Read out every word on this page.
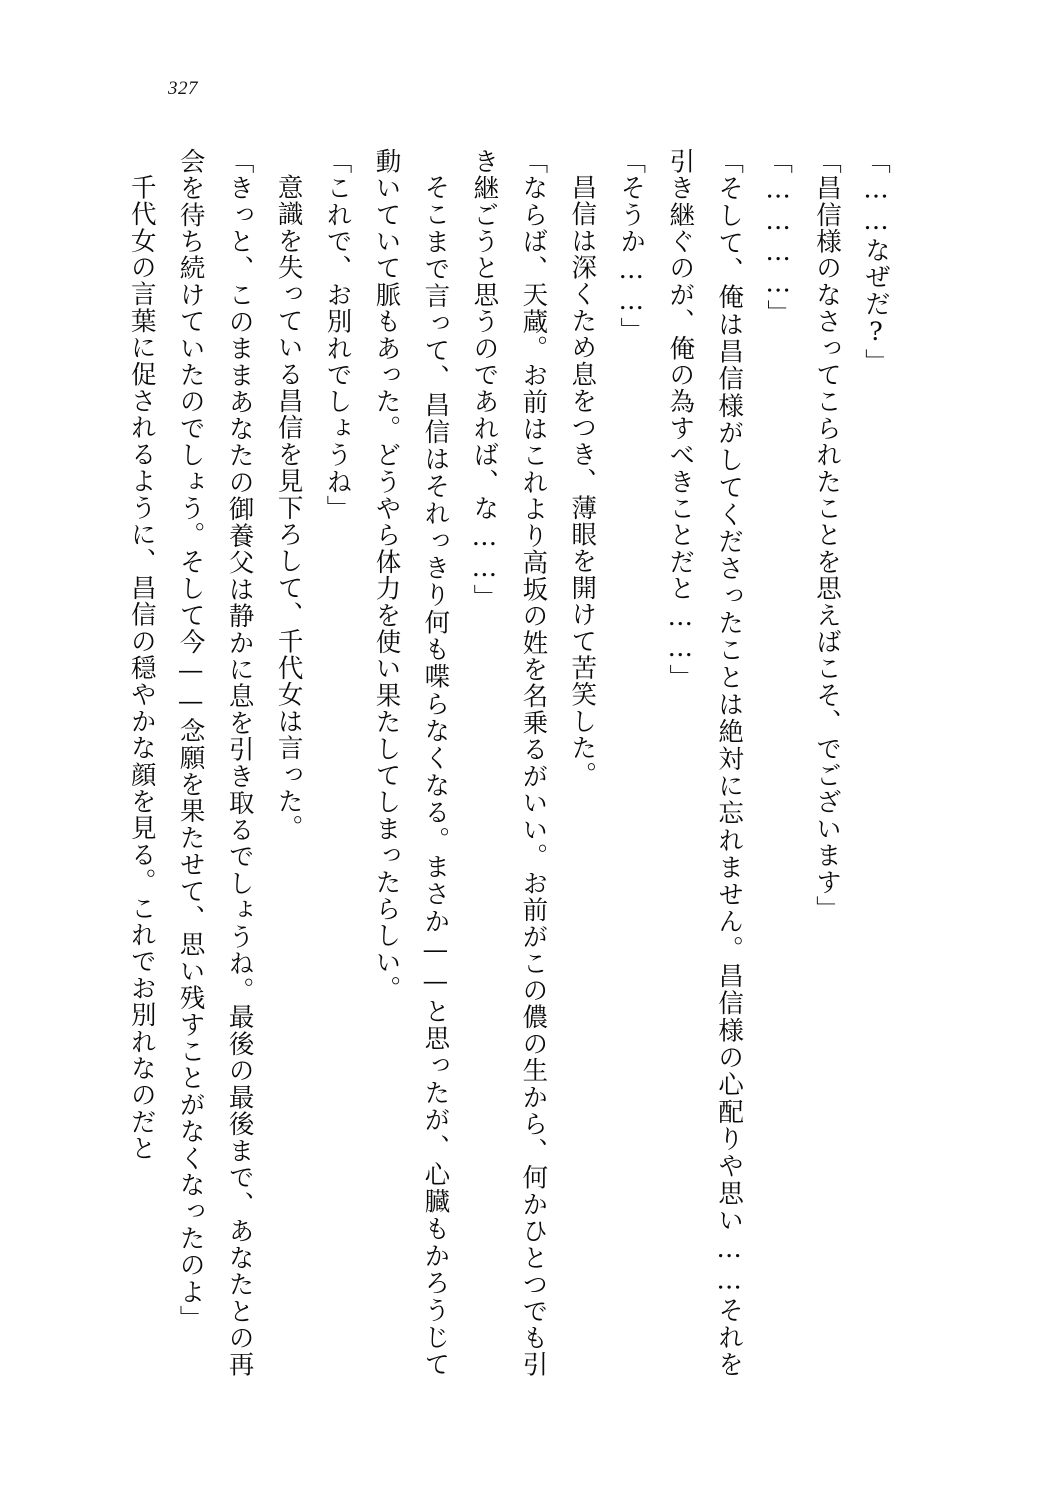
327

「……なぜだ?」

「昌信様のなさってこられたことを思えばこそ、でございます」

「…………」

「そして、俺は昌信様がしてくださったことは絶対に忘れません。昌信様の心配りや思い……それを引き継ぐのが、俺の為すべきことだと……」

「そうか……」

昌信は深くため息をつき、薄眼を開けて苦笑した。

「ならば、天蔵。お前はこれより高坂の姓を名乗るがいい。お前がこの儂の生から、何かひとつでも引き継ごうと思うのであれば、な……」

そこまで言って、昌信はそれっきり何も喋らなくなる。まさか——と思ったが、心臓もかろうじて動いていて脈もあった。どうやら体力を使い果たしてしまったらしい。

「これで、お別れでしょうね」

意識を失っている昌信を見下ろして、千代女は言った。

「きっと、このままあなたの御養父は静かに息を引き取るでしょうね。最後の最後まで、あなたとの再会を待ち続けていたのでしょう。そして今——念願を果たせて、思い残すことがなくなったのよ」

千代女の言葉に促されるように、昌信の穏やかな顔を見る。これでお別れなのだと
